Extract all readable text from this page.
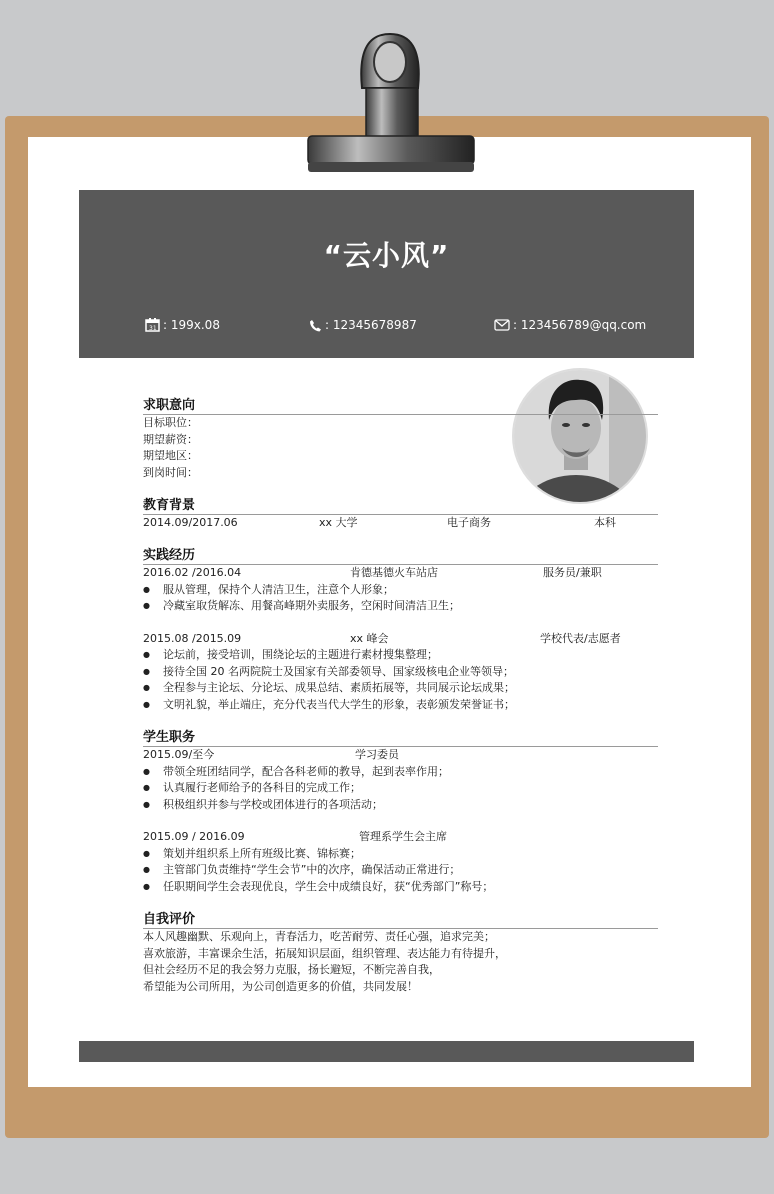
“云小风”
31 : 199x.08	: 12345678987	: 123456789@qq.com
求职意向
目标职位：
期望薪资：
期望地区：
到岗时间：
教育背景
2014.09/2017.06	xx 大学	电子商务	本科
实践经历
2016.02 /2016.04	肯德基德火车站店	服务员/兼职
● 服从管理，保持个人清洁卫生，注意个人形象；
● 冷藏室取货解冻、用餐高峰期外卖服务，空闲时间清洁卫生；
2015.08 /2015.09	xx 峰会	学校代表/志愿者
● 论坛前，接受培训，围绕论坛的主题进行素材搜集整理；
● 接待全国 20 名两院院士及国家有关部委领导、国家级核电企业等领导；
● 全程参与主论坛、分论坛、成果总结、素质拓展等，共同展示论坛成果；
● 文明礼貌，举止端庄，充分代表当代大学生的形象，表彰颁发荣誉证书；
学生职务
2015.09/至今	学习委员
● 带领全班团结同学，配合各科老师的教导，起到表率作用；
● 认真履行老师给予的各科目的完成工作；
● 积极组织并参与学校或团体进行的各项活动；
2015.09 / 2016.09	管理系学生会主席
● 策划并组织系上所有班级比赛、锦标赛；
● 主管部门负责维持“学生会节”中的次序，确保活动正常进行；
● 任职期间学生会表现优良，学生会中成绩良好，获“优秀部门”称号；
自我评价
本人风趣幽默、乐观向上，青春活力，吃苦耐劳、责任心强，追求完美；
喜欢旅游，丰富课余生活，拓展知识层面，组织管理、表达能力有待提升，
但社会经历不足的我会努力克服，扬长避短，不断完善自我，
希望能为公司所用，为公司创造更多的价值，共同发展！
